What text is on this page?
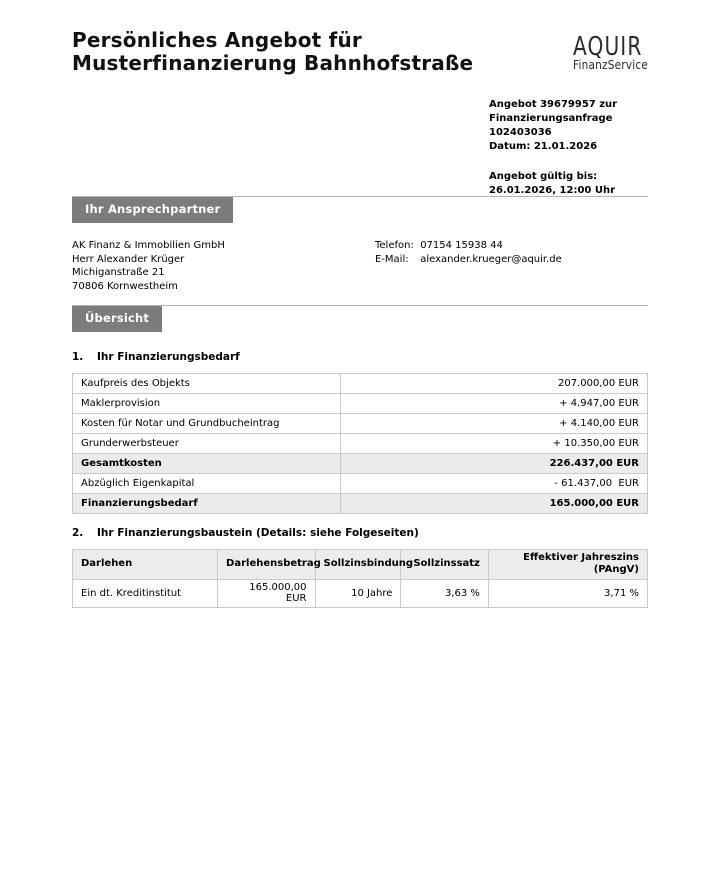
Persönliches Angebot für
Musterfinanzierung Bahnhofstraße
AQUIR
FinanzService
Angebot 39679957 zur
Finanzierungsanfrage 102403036
Datum: 21.01.2026
Angebot gültig bis:
26.01.2026, 12:00 Uhr
Ihr Ansprechpartner
AK Finanz & Immobilien GmbH
Herr Alexander Krüger
Michiganstraße 21
70806 Kornwestheim
Telefon: 07154 15938 44
E-Mail: alexander.krueger@aquir.de
Übersicht
1. Ihr Finanzierungsbedarf
Kaufpreis des Objekts	207.000,00 EUR
Maklerprovision	+ 4.947,00 EUR
Kosten für Notar und Grundbucheintrag	+ 4.140,00 EUR
Grunderwerbsteuer	+ 10.350,00 EUR
Gesamtkosten	226.437,00 EUR
Abzüglich Eigenkapital	- 61.437,00  EUR
Finanzierungsbedarf	165.000,00 EUR
2. Ihr Finanzierungsbaustein (Details: siehe Folgeseiten)
Darlehen	Darlehensbetrag	Sollzinsbindung	Sollzinssatz	Effektiver Jahreszins (PAngV)
Ein dt. Kreditinstitut	165.000,00 EUR	10 Jahre	3,63 %	3,71 %
